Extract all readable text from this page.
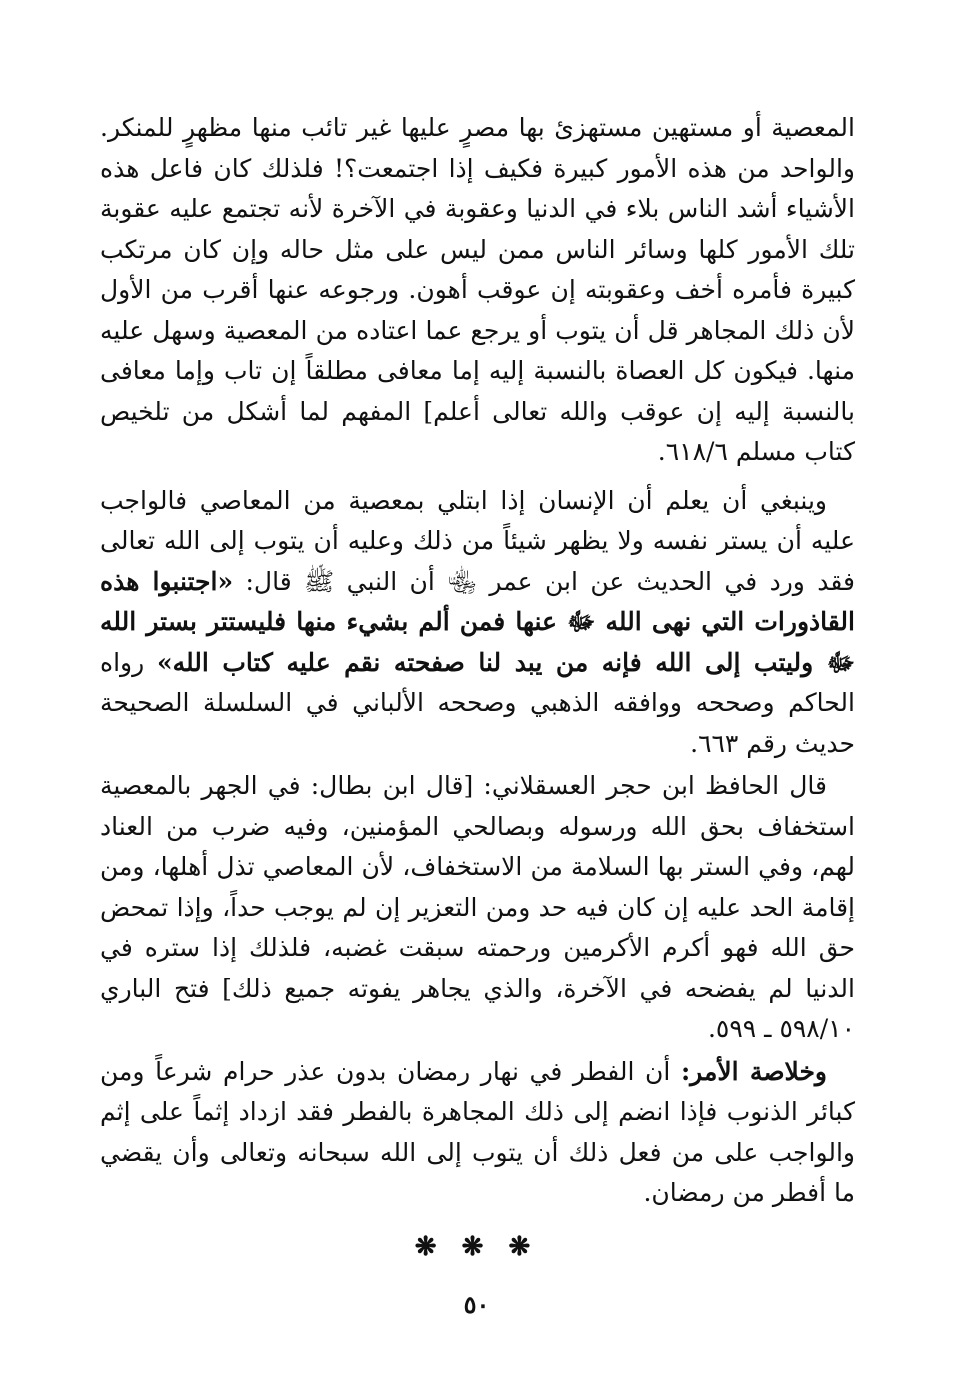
المعصية أو مستهين مستهزئ بها مصرٍ عليها غير تائب منها مظهرٍ للمنكر. والواحد من هذه الأمور كبيرة فكيف إذا اجتمعت؟! فلذلك كان فاعل هذه الأشياء أشد الناس بلاء في الدنيا وعقوبة في الآخرة لأنه تجتمع عليه عقوبة تلك الأمور كلها وسائر الناس ممن ليس على مثل حاله وإن كان مرتكب كبيرة فأمره أخف وعقوبته إن عوقب أهون. ورجوعه عنها أقرب من الأول لأن ذلك المجاهر قل أن يتوب أو يرجع عما اعتاده من المعصية وسهل عليه منها. فيكون كل العصاة بالنسبة إليه إما معافى مطلقاً إن تاب وإما معافى بالنسبة إليه إن عوقب والله تعالى أعلم] المفهم لما أشكل من تلخيص كتاب مسلم ٦١٨/٦.

وينبغي أن يعلم أن الإنسان إذا ابتلي بمعصية من المعاصي فالواجب عليه أن يستر نفسه ولا يظهر شيئاً من ذلك وعليه أن يتوب إلى الله تعالى فقد ورد في الحديث عن ابن عمر ﵄ أن النبي ﷺ قال: «اجتنبوا هذه القاذورات التي نهى الله ﷻ عنها فمن ألم بشيء منها فليستتر بستر الله ﷻ وليتب إلى الله فإنه من يبد لنا صفحته نقم عليه كتاب الله» رواه الحاكم وصححه ووافقه الذهبي وصححه الألباني في السلسلة الصحيحة حديث رقم ٦٦٣.

قال الحافظ ابن حجر العسقلاني: [قال ابن بطال: في الجهر بالمعصية استخفاف بحق الله ورسوله وبصالحي المؤمنين، وفيه ضرب من العناد لهم، وفي الستر بها السلامة من الاستخفاف، لأن المعاصي تذل أهلها، ومن إقامة الحد عليه إن كان فيه حد ومن التعزير إن لم يوجب حداً، وإذا تمحض حق الله فهو أكرم الأكرمين ورحمته سبقت غضبه، فلذلك إذا ستره في الدنيا لم يفضحه في الآخرة، والذي يجاهر يفوته جميع ذلك] فتح الباري ٥٩٨/١٠ ـ ٥٩٩.

وخلاصة الأمر: أن الفطر في نهار رمضان بدون عذر حرام شرعاً ومن كبائر الذنوب فإذا انضم إلى ذلك المجاهرة بالفطر فقد ازداد إثماً على إثم والواجب على من فعل ذلك أن يتوب إلى الله سبحانه وتعالى وأن يقضي ما أفطر من رمضان.

❋ ❋ ❋
٥٠
